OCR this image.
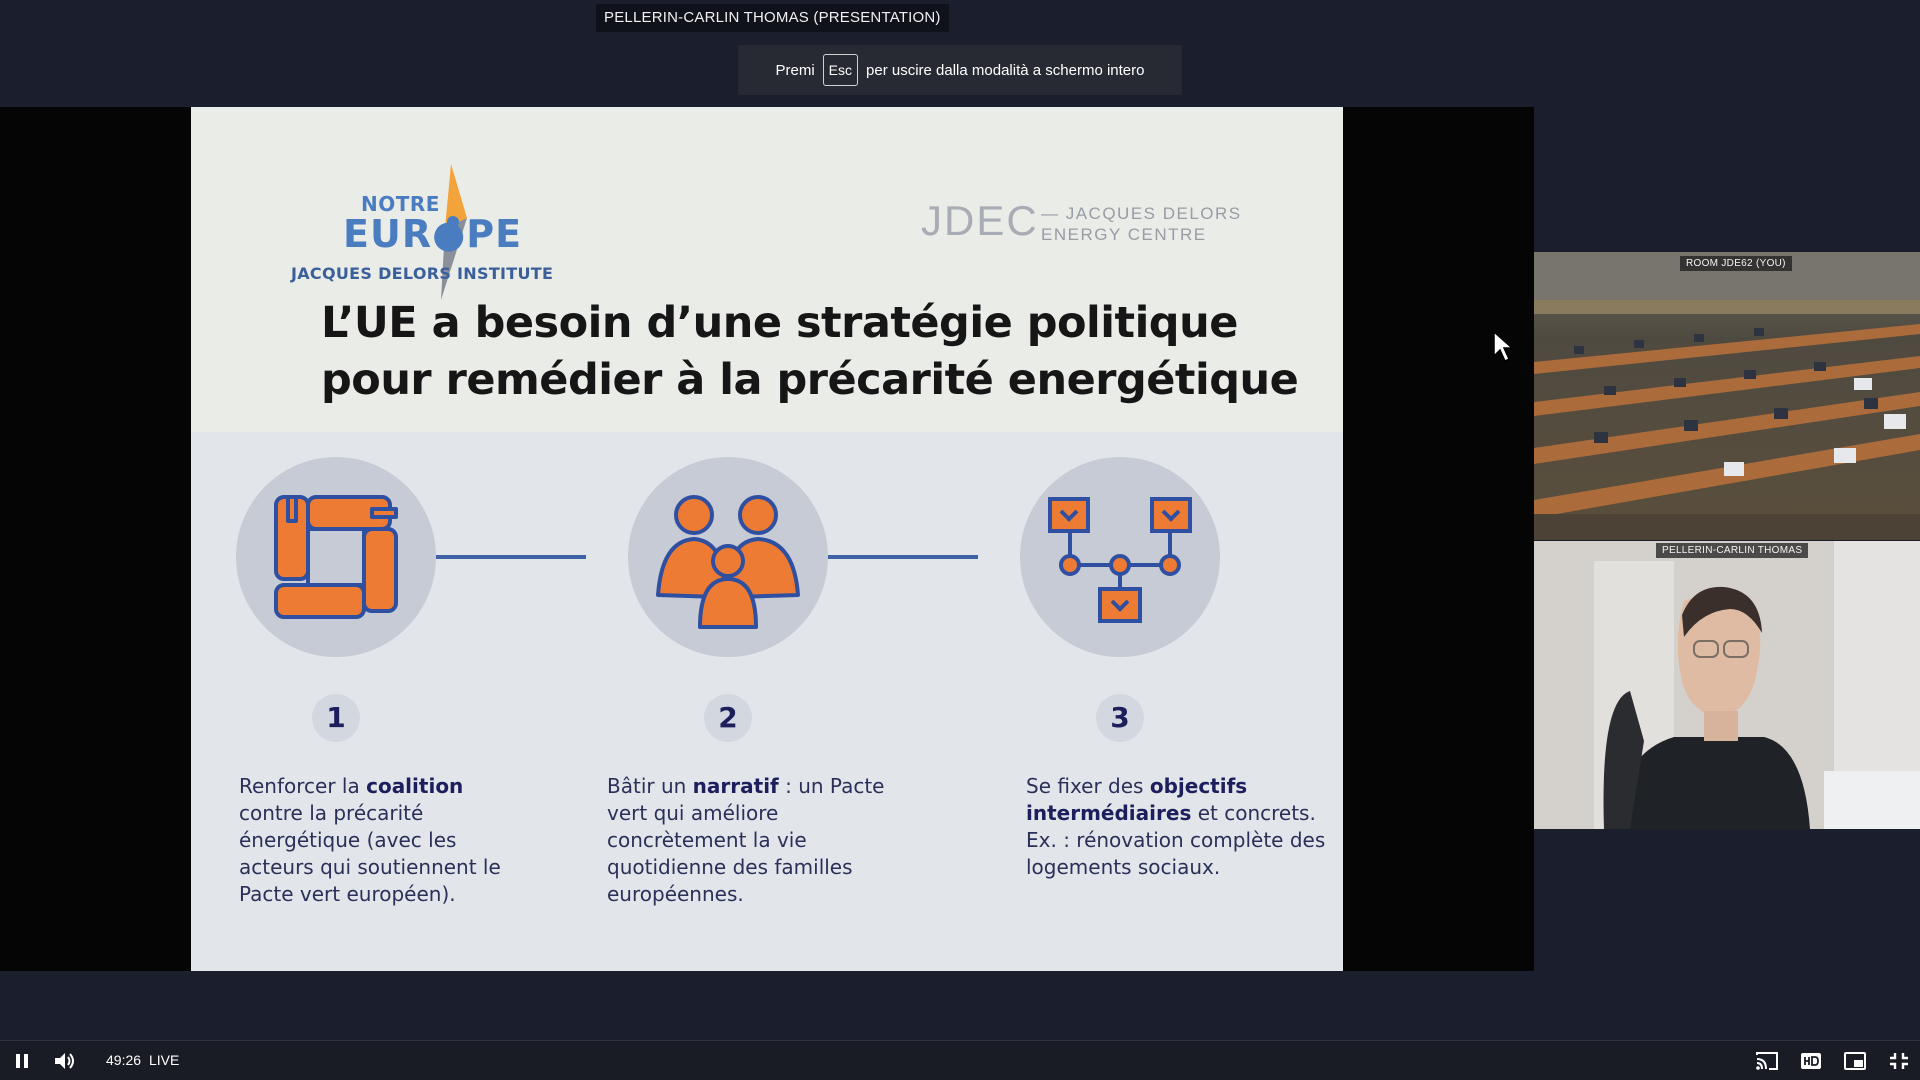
PELLERIN-CARLIN THOMAS (PRESENTATION)
Premi	Esc per uscire dalla modalità a schermo intero
NOTRE
EUR●PE
JACQUES DELORS INSTITUTE
JDEC — JACQUES DELORS
ENERGY CENTRE
L’UE a besoin d’une stratégie politique
pour remédier à la précarité energétique
1	2	3
Renforcer la coalition contre la précarité énergétique (avec les acteurs qui soutiennent le Pacte vert européen).
Bâtir un narratif : un Pacte vert qui améliore concrètement la vie quotidienne des familles européennes.
Se fixer des objectifs intermédiaires et concrets. Ex. : rénovation complète des logements sociaux.
ROOM JDE62 (YOU)
PELLERIN-CARLIN THOMAS
49:26 LIVE
